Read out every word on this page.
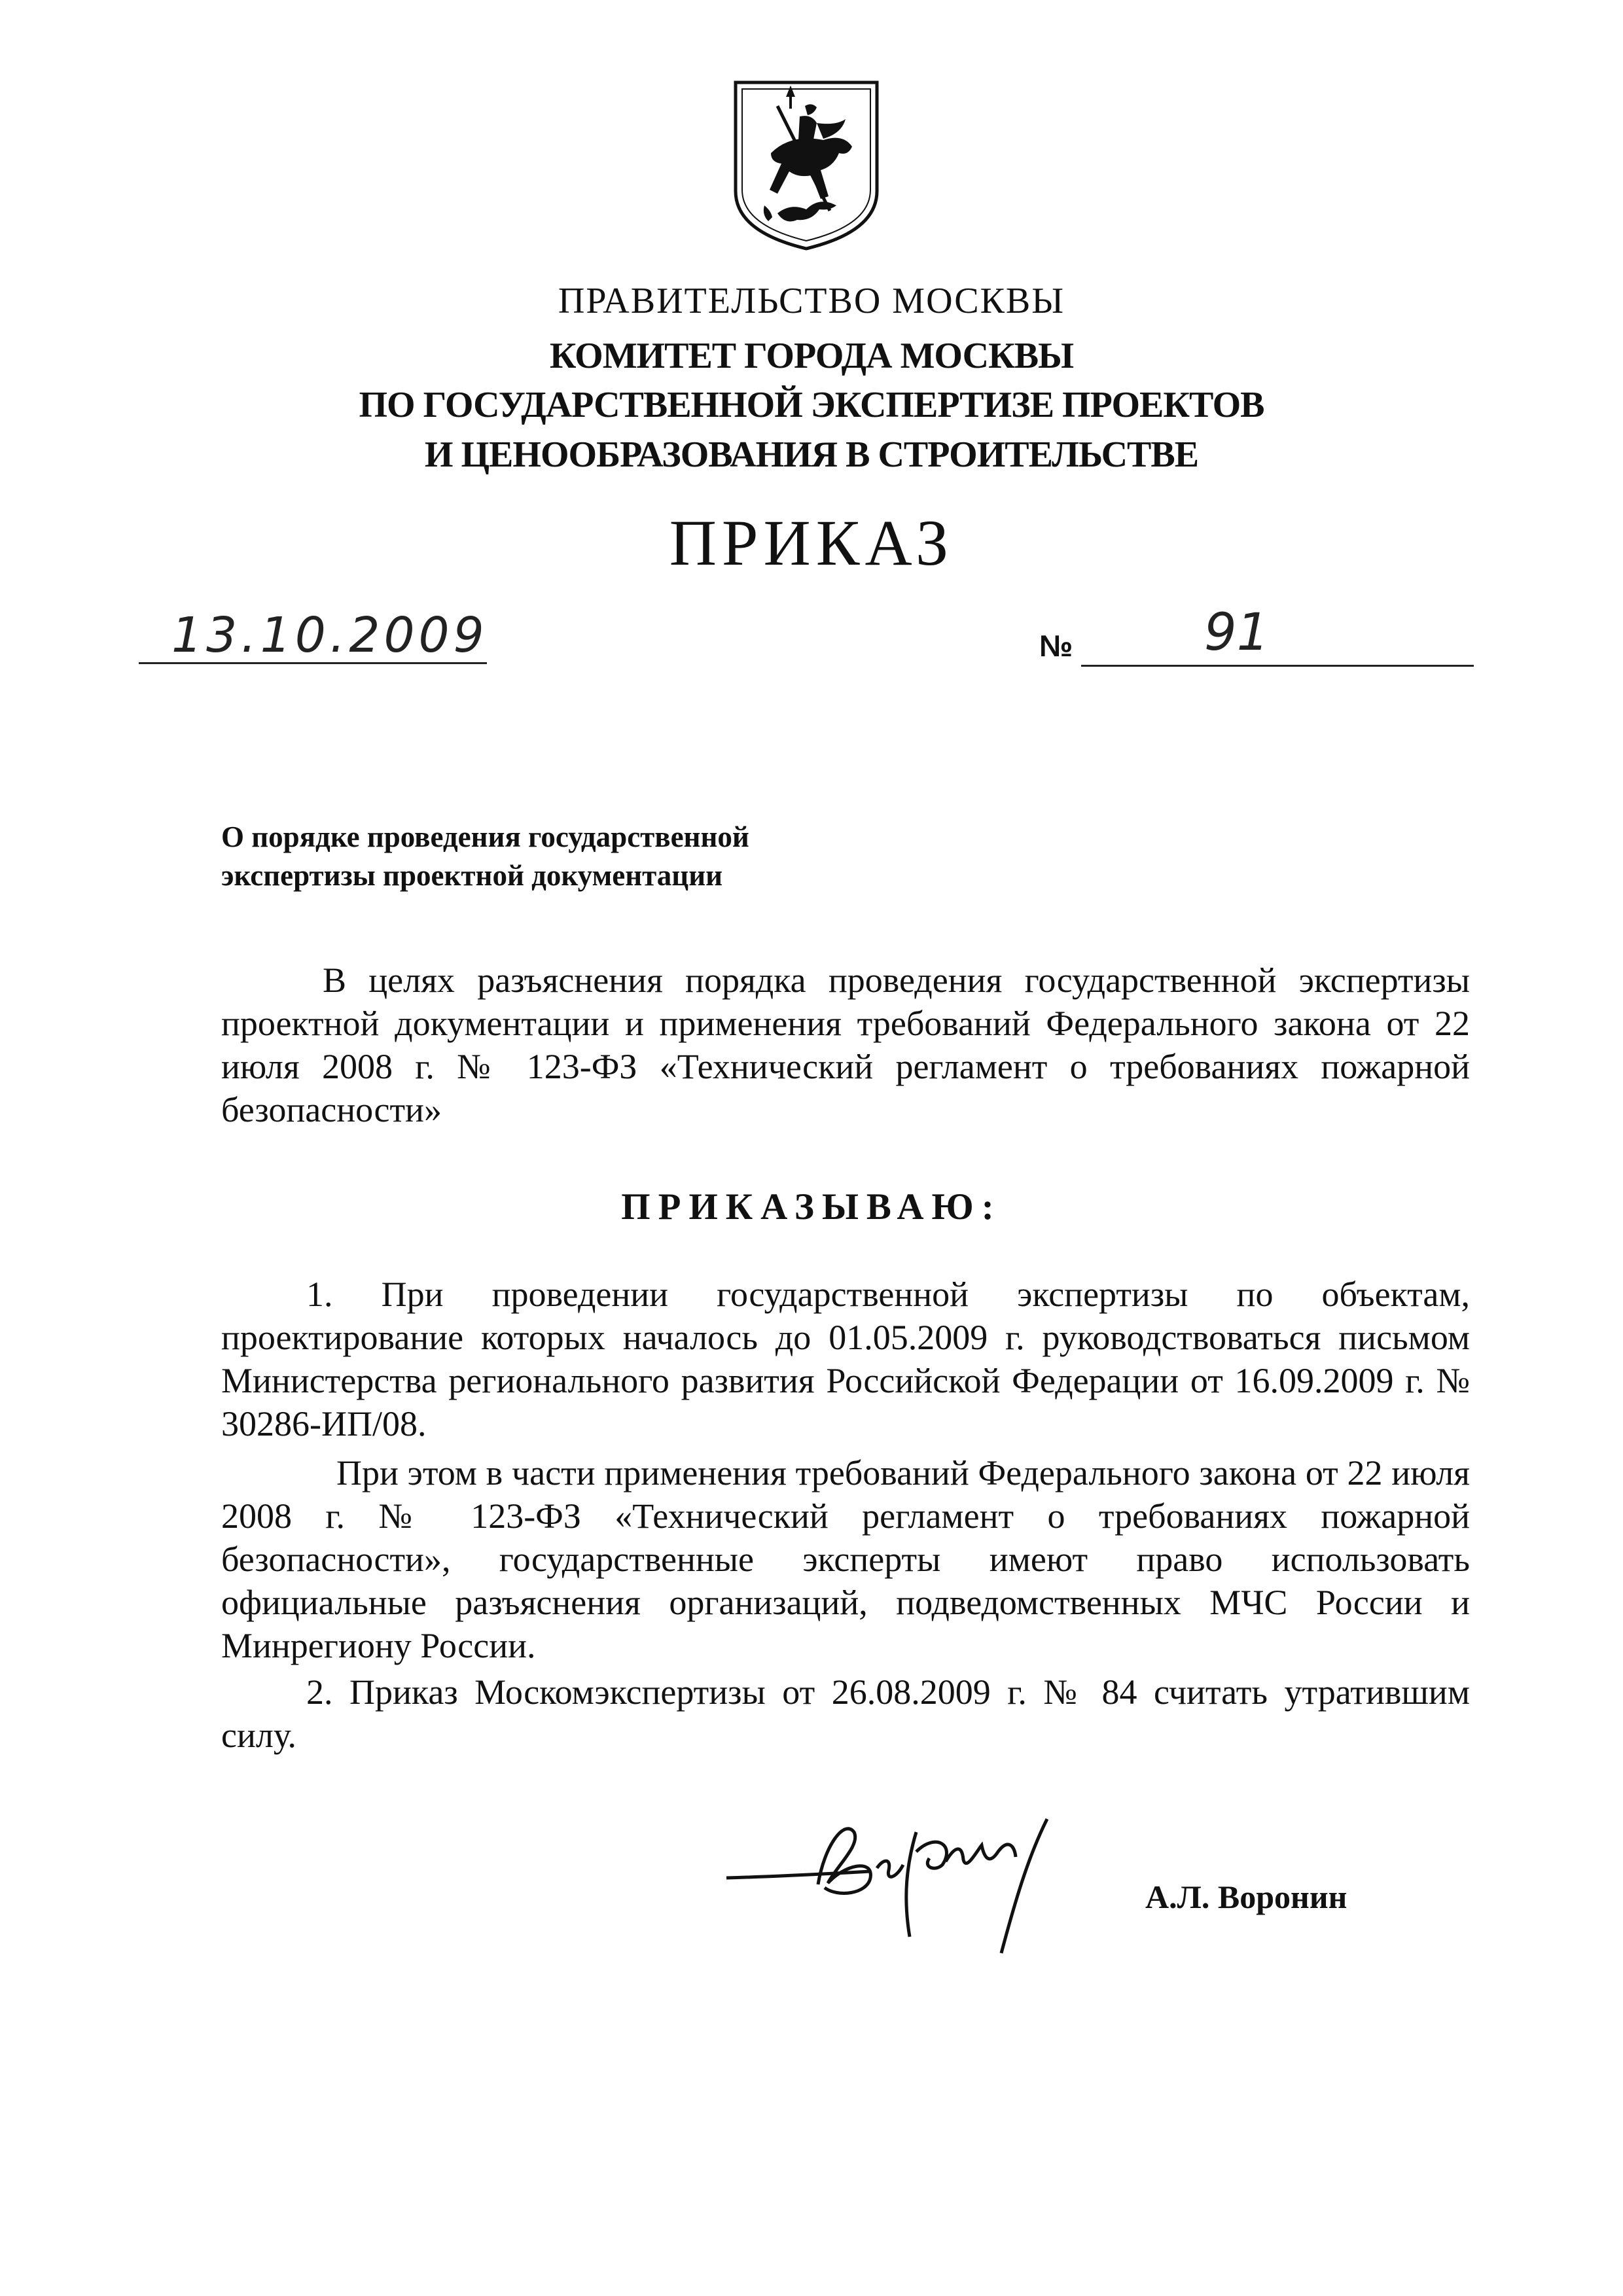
ПРАВИТЕЛЬСТВО МОСКВЫ
КОМИТЕТ ГОРОДА МОСКВЫ
ПО ГОСУДАРСТВЕННОЙ ЭКСПЕРТИЗЕ ПРОЕКТОВ
И ЦЕНООБРАЗОВАНИЯ В СТРОИТЕЛЬСТВЕ
ПРИКАЗ
13.10.2009	№	91
О порядке проведения государственной
экспертизы проектной документации
В целях разъяснения порядка проведения государственной экспертизы проектной документации и применения требований Федерального закона от 22 июля 2008 г. № 123-ФЗ «Технический регламент о требованиях пожарной безопасности»
ПРИКАЗЫВАЮ:
1. При проведении государственной экспертизы по объектам, проектирование которых началось до 01.05.2009 г. руководствоваться письмом Министерства регионального развития Российской Федерации от 16.09.2009 г. № 30286-ИП/08.
При этом в части применения требований Федерального закона от 22 июля 2008 г. № 123-ФЗ «Технический регламент о требованиях пожарной безопасности», государственные эксперты имеют право использовать официальные разъяснения организаций, подведомственных МЧС России и Минрегиону России.
2. Приказ Москомэкспертизы от 26.08.2009 г. № 84 считать утратившим силу.
А.Л. Воронин
